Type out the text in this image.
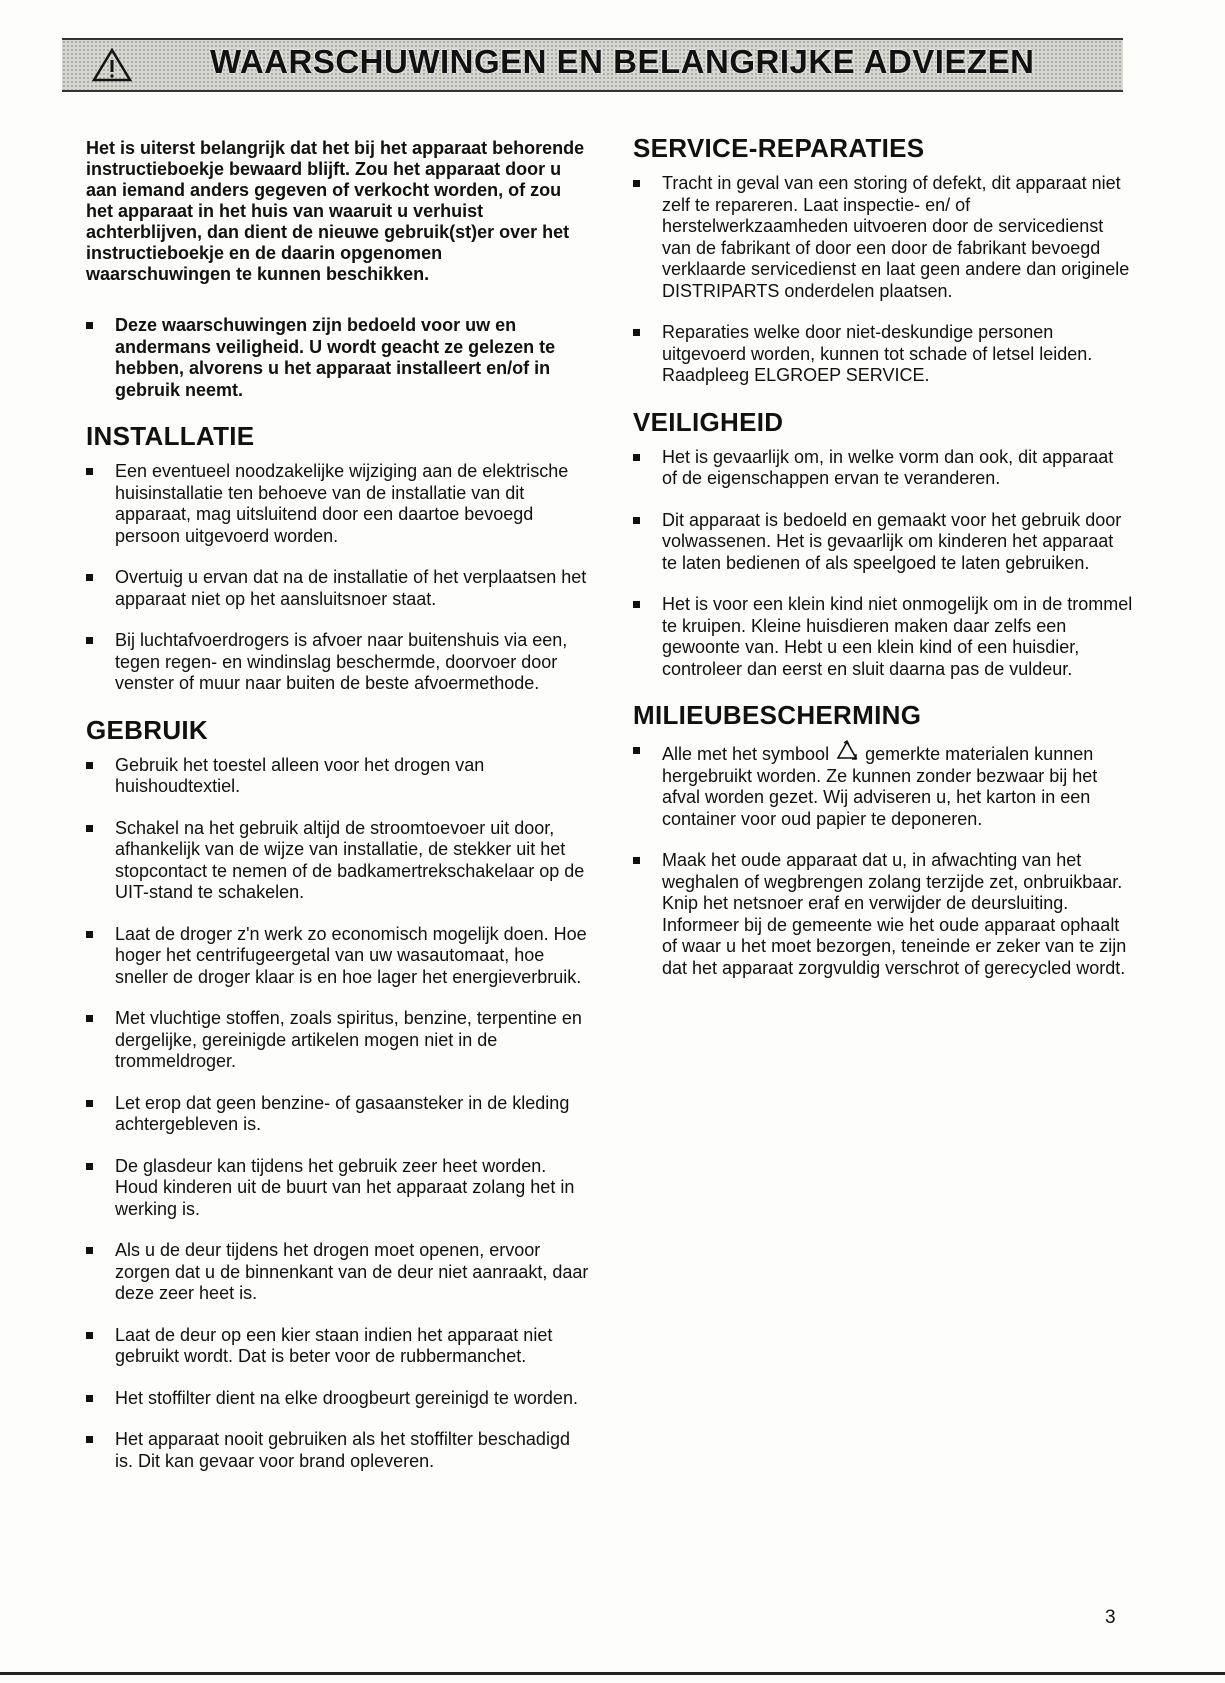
WAARSCHUWINGEN EN BELANGRIJKE ADVIEZEN

Het is uiterst belangrijk dat het bij het apparaat behorende instructieboekje bewaard blijft. Zou het apparaat door u aan iemand anders gegeven of verkocht worden, of zou het apparaat in het huis van waaruit u verhuist achterblijven, dan dient de nieuwe gebruik(st)er over het instructieboekje en de daarin opgenomen waarschuwingen te kunnen beschikken.

Deze waarschuwingen zijn bedoeld voor uw en andermans veiligheid. U wordt geacht ze gelezen te hebben, alvorens u het apparaat installeert en/of in gebruik neemt.
INSTALLATIE
Een eventueel noodzakelijke wijziging aan de elektrische huisinstallatie ten behoeve van de installatie van dit apparaat, mag uitsluitend door een daartoe bevoegd persoon uitgevoerd worden.
Overtuig u ervan dat na de installatie of het verplaatsen het apparaat niet op het aansluitsnoer staat.
Bij luchtafvoerdrogers is afvoer naar buitenshuis via een, tegen regen- en windinslag beschermde, doorvoer door venster of muur naar buiten de beste afvoermethode.
GEBRUIK
Gebruik het toestel alleen voor het drogen van huishoudtextiel.
Schakel na het gebruik altijd de stroomtoevoer uit door, afhankelijk van de wijze van installatie, de stekker uit het stopcontact te nemen of de badkamertrekschakelaar op de UIT-stand te schakelen.
Laat de droger z'n werk zo economisch mogelijk doen. Hoe hoger het centrifugeergetal van uw wasautomaat, hoe sneller de droger klaar is en hoe lager het energieverbruik.
Met vluchtige stoffen, zoals spiritus, benzine, terpentine en dergelijke, gereinigde artikelen mogen niet in de trommeldroger.
Let erop dat geen benzine- of gasaansteker in de kleding achtergebleven is.
De glasdeur kan tijdens het gebruik zeer heet worden. Houd kinderen uit de buurt van het apparaat zolang het in werking is.
Als u de deur tijdens het drogen moet openen, ervoor zorgen dat u de binnenkant van de deur niet aanraakt, daar deze zeer heet is.
Laat de deur op een kier staan indien het apparaat niet gebruikt wordt. Dat is beter voor de rubbermanchet.
Het stoffilter dient na elke droogbeurt gereinigd te worden.
Het apparaat nooit gebruiken als het stoffilter beschadigd is. Dit kan gevaar voor brand opleveren.
SERVICE-REPARATIES
Tracht in geval van een storing of defekt, dit apparaat niet zelf te repareren. Laat inspectie- en/ of herstelwerkzaamheden uitvoeren door de servicedienst van de fabrikant of door een door de fabrikant bevoegd verklaarde servicedienst en laat geen andere dan originele DISTRIPARTS onderdelen plaatsen.
Reparaties welke door niet-deskundige personen uitgevoerd worden, kunnen tot schade of letsel leiden. Raadpleeg ELGROEP SERVICE.
VEILIGHEID
Het is gevaarlijk om, in welke vorm dan ook, dit apparaat of de eigenschappen ervan te veranderen.
Dit apparaat is bedoeld en gemaakt voor het gebruik door volwassenen. Het is gevaarlijk om kinderen het apparaat te laten bedienen of als speelgoed te laten gebruiken.
Het is voor een klein kind niet onmogelijk om in de trommel te kruipen. Kleine huisdieren maken daar zelfs een gewoonte van. Hebt u een klein kind of een huisdier, controleer dan eerst en sluit daarna pas de vuldeur.
MILIEUBESCHERMING
Alle met het symbool gemerkte materialen kunnen hergebruikt worden. Ze kunnen zonder bezwaar bij het afval worden gezet. Wij adviseren u, het karton in een container voor oud papier te deponeren.
Maak het oude apparaat dat u, in afwachting van het weghalen of wegbrengen zolang terzijde zet, onbruikbaar. Knip het netsnoer eraf en verwijder de deursluiting. Informeer bij de gemeente wie het oude apparaat ophaalt of waar u het moet bezorgen, teneinde er zeker van te zijn dat het apparaat zorgvuldig verschrot of gerecycled wordt.
3
